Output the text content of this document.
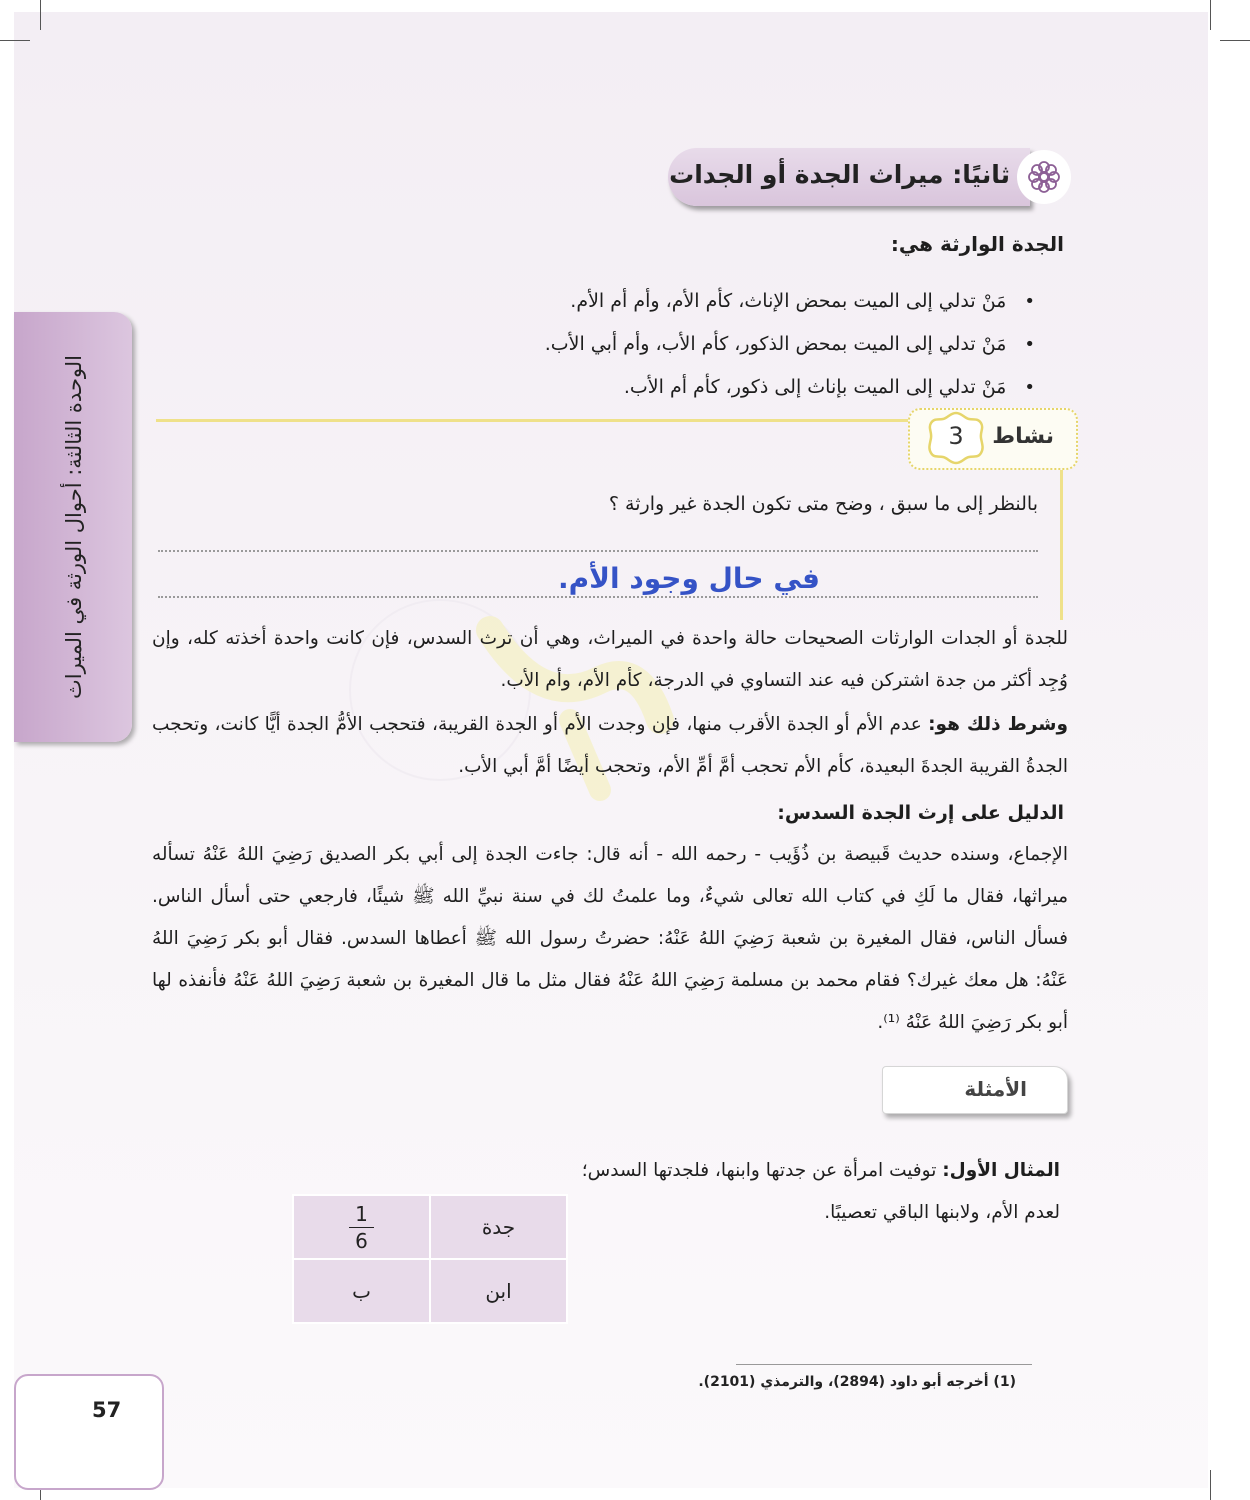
ثانيًا: ميراث الجدة أو الجدات
الجدة الوارثة هي:
• مَنْ تدلي إلى الميت بمحض الإناث، كأم الأم، وأم أم الأم.
• مَنْ تدلي إلى الميت بمحض الذكور، كأم الأب، وأم أبي الأب.
• مَنْ تدلي إلى الميت بإناث إلى ذكور، كأم أم الأب.
الوحدة الثالثة: أحوال الورثة في الميراث	نشاط
3
بالنظر إلى ما سبق ، وضح متى تكون الجدة غير وارثة ؟
في حال وجود الأم.
للجدة أو الجدات الوارثات الصحيحات حالة واحدة في الميراث، وهي أن ترث السدس، فإن كانت واحدة أخذته كله، وإن وُجِد أكثر من جدة اشتركن فيه عند التساوي في الدرجة، كأم الأم، وأم الأب.
وشرط ذلك هو: عدم الأم أو الجدة الأقرب منها، فإن وجدت الأم أو الجدة القريبة، فتحجب الأمُّ الجدة أيًّا كانت، وتحجب الجدةُ القريبة الجدةَ البعيدة، كأم الأم تحجب أمَّ أمِّ الأم، وتحجب أيضًا أمَّ أبي الأب.
الدليل على إرث الجدة السدس:
الإجماع، وسنده حديث قَبيصة بن ذُؤَيب - رحمه الله - أنه قال: جاءت الجدة إلى أبي بكر الصديق رَضِيَ اللهُ عَنْهُ تسأله ميراثها، فقال ما لَكِ في كتاب الله تعالى شيءٌ، وما علمتُ لك في سنة نبيِّ الله ﷺ شيئًا، فارجعي حتى أسأل الناس. فسأل الناس، فقال المغيرة بن شعبة رَضِيَ اللهُ عَنْهُ: حضرتُ رسول الله ﷺ أعطاها السدس. فقال أبو بكر رَضِيَ اللهُ عَنْهُ: هل معك غيرك؟ فقام محمد بن مسلمة رَضِيَ اللهُ عَنْهُ فقال مثل ما قال المغيرة بن شعبة رَضِيَ اللهُ عَنْهُ فأنفذه لها أبو بكر رَضِيَ اللهُ عَنْهُ ⁽¹⁾.
الأمثلة
المثال الأول: توفيت امرأة عن جدتها وابنها، فلجدتها السدس؛ لعدم الأم، ولابنها الباقي تعصيبًا.
$\frac{1}{6}$	جدة
ب	ابن
(1) أخرجه أبو داود (2894)، والترمذي (2101).
57
